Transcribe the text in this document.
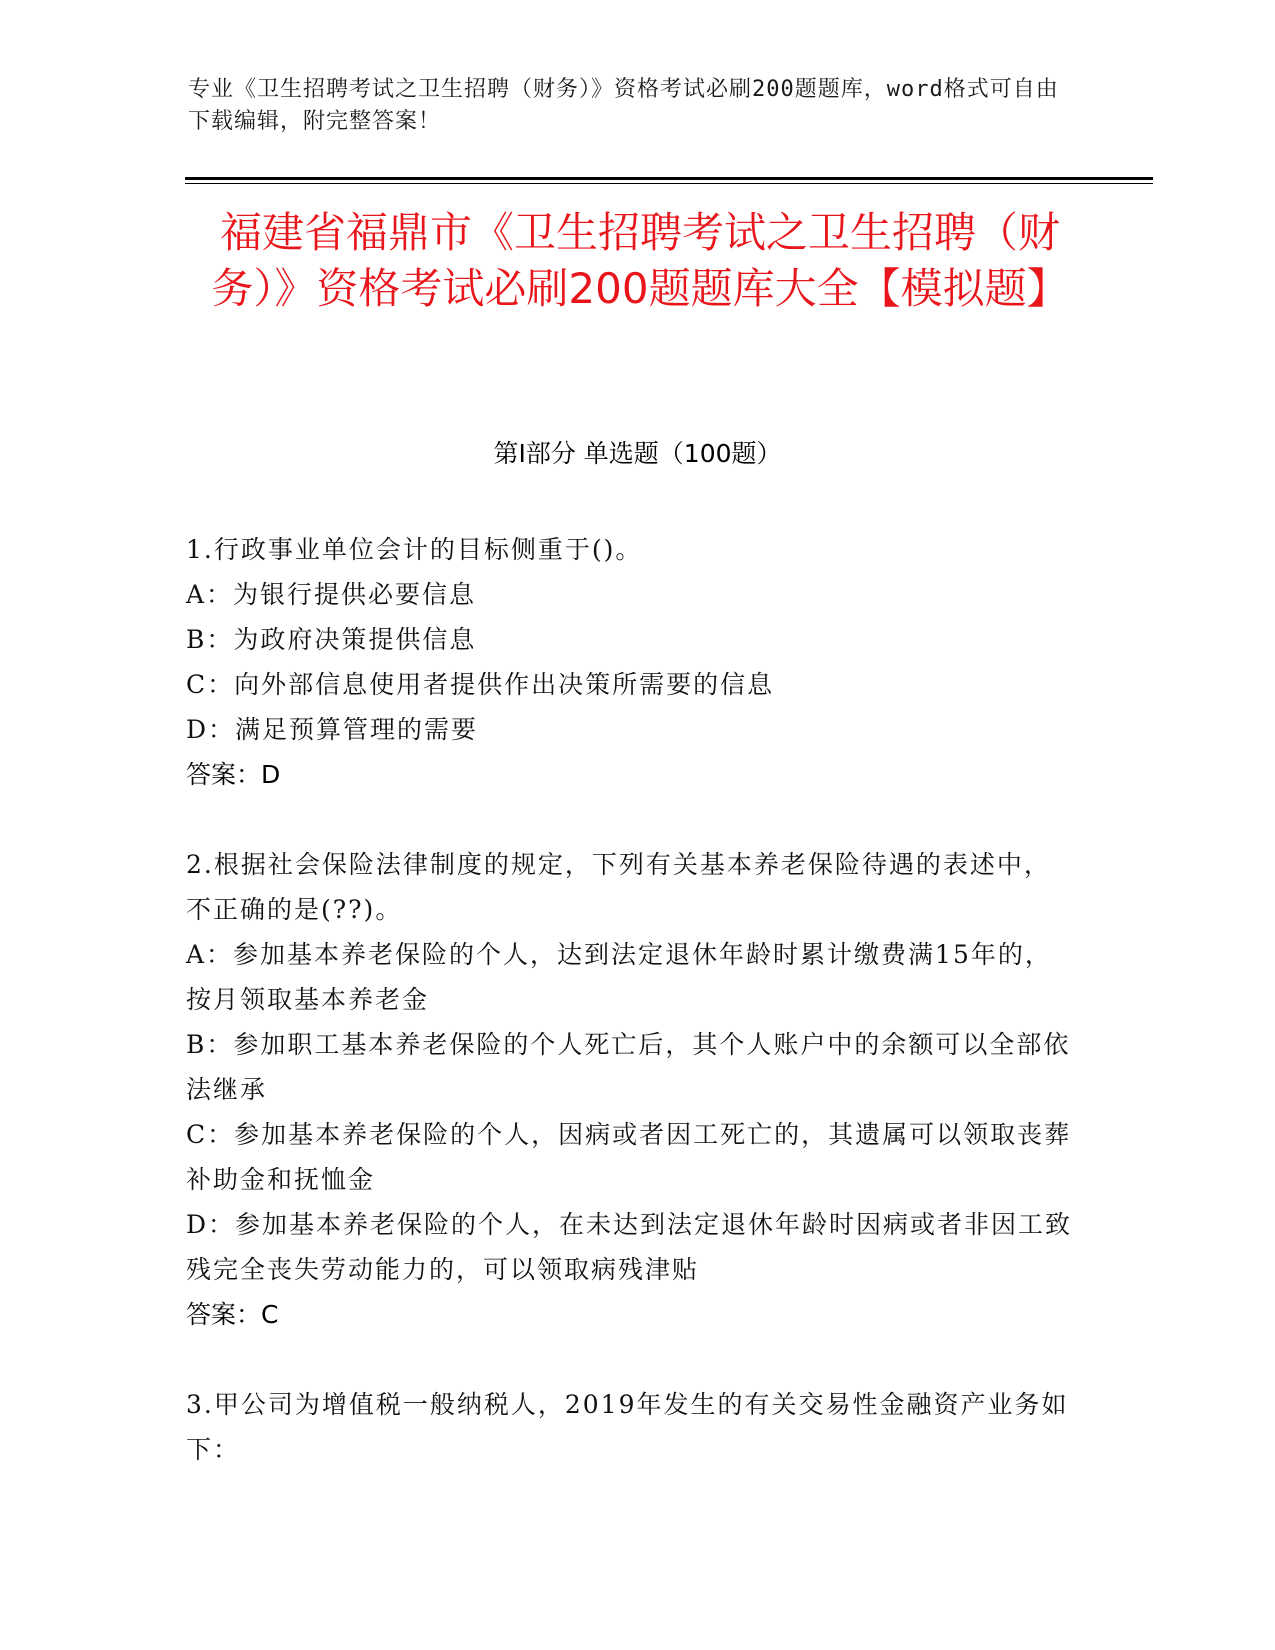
专业《卫生招聘考试之卫生招聘（财务）》资格考试必刷200题题库，word格式可自由下载编辑，附完整答案！
福建省福鼎市《卫生招聘考试之卫生招聘（财务）》资格考试必刷200题题库大全【模拟题】
第Ⅰ部分 单选题（100题）
1.行政事业单位会计的目标侧重于()。
A：为银行提供必要信息
B：为政府决策提供信息
C：向外部信息使用者提供作出决策所需要的信息
D：满足预算管理的需要
答案：D
2.根据社会保险法律制度的规定，下列有关基本养老保险待遇的表述中，不正确的是(??)。
A：参加基本养老保险的个人，达到法定退休年龄时累计缴费满15年的，按月领取基本养老金
B：参加职工基本养老保险的个人死亡后，其个人账户中的余额可以全部依法继承
C：参加基本养老保险的个人，因病或者因工死亡的，其遗属可以领取丧葬补助金和抚恤金
D：参加基本养老保险的个人，在未达到法定退休年龄时因病或者非因工致残完全丧失劳动能力的，可以领取病残津贴
答案：C
3.甲公司为增值税一般纳税人，2019年发生的有关交易性金融资产业务如下：
